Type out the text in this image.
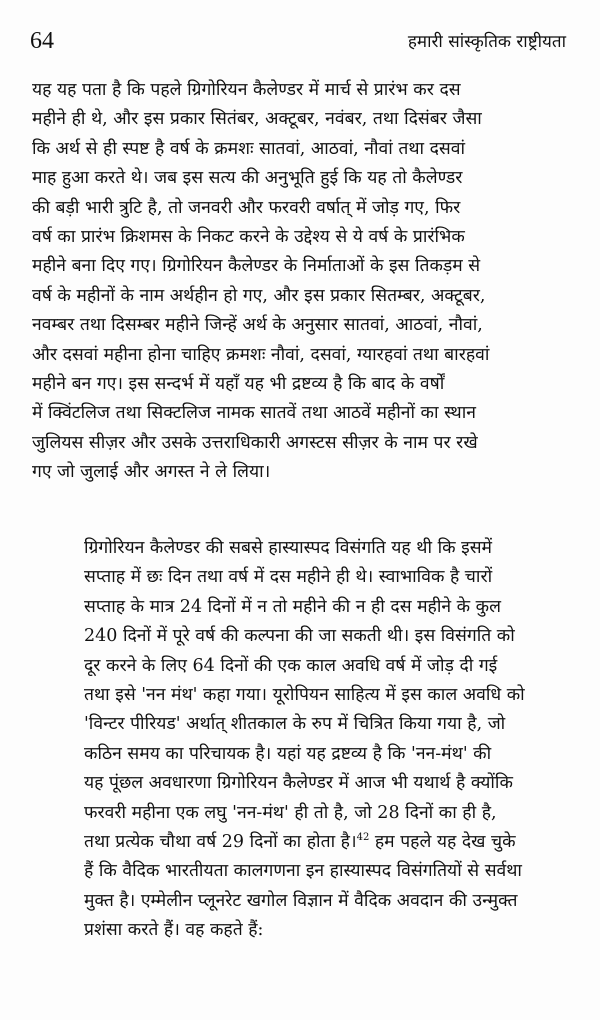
64	हमारी सांस्कृतिक राष्ट्रीयता

यह यह पता है कि पहले ग्रिगोरियन कैलेण्डर में मार्च से प्रारंभ कर दस
महीने ही थे, और इस प्रकार सितंबर, अक्टूबर, नवंबर, तथा दिसंबर जैसा
कि अर्थ से ही स्पष्ट है वर्ष के क्रमशः सातवां, आठवां, नौवां तथा दसवां
माह हुआ करते थे। जब इस सत्य की अनुभूति हुई कि यह तो कैलेण्डर
की बड़ी भारी त्रुटि है, तो जनवरी और फरवरी वर्षात् में जोड़ गए, फिर
वर्ष का प्रारंभ क्रिशमस के निकट करने के उद्देश्य से ये वर्ष के प्रारंभिक
महीने बना दिए गए। ग्रिगोरियन कैलेण्डर के निर्माताओं के इस तिकड़म से
वर्ष के महीनों के नाम अर्थहीन हो गए, और इस प्रकार सितम्बर, अक्टूबर,
नवम्बर तथा दिसम्बर महीने जिन्हें अर्थ के अनुसार सातवां, आठवां, नौवां,
और दसवां महीना होना चाहिए क्रमशः नौवां, दसवां, ग्यारहवां तथा बारहवां
महीने बन गए। इस सन्दर्भ में यहाँ यह भी द्रष्टव्य है कि बाद के वर्षों
में क्विंटलिज तथा सिक्टलिज नामक सातवें तथा आठवें महीनों का स्थान
जुलियस सीज़र और उसके उत्तराधिकारी अगस्टस सीज़र के नाम पर रखे
गए जो जुलाई और अगस्त ने ले लिया।

ग्रिगोरियन कैलेण्डर की सबसे हास्यास्पद विसंगति यह थी कि इसमें
सप्ताह में छः दिन तथा वर्ष में दस महीने ही थे। स्वाभाविक है चारों
सप्ताह के मात्र 24 दिनों में न तो महीने की न ही दस महीने के कुल
240 दिनों में पूरे वर्ष की कल्पना की जा सकती थी। इस विसंगति को
दूर करने के लिए 64 दिनों की एक काल अवधि वर्ष में जोड़ दी गई
तथा इसे 'नन मंथ' कहा गया। यूरोपियन साहित्य में इस काल अवधि को
'विन्टर पीरियड' अर्थात् शीतकाल के रुप में चित्रित किया गया है, जो
कठिन समय का परिचायक है। यहां यह द्रष्टव्य है कि 'नन-मंथ' की
यह पूंछल अवधारणा ग्रिगोरियन कैलेण्डर में आज भी यथार्थ है क्योंकि
फरवरी महीना एक लघु 'नन-मंथ' ही तो है, जो 28 दिनों का ही है,
तथा प्रत्येक चौथा वर्ष 29 दिनों का होता है।$^{42}$ हम पहले यह देख चुके
हैं कि वैदिक भारतीयता कालगणना इन हास्यास्पद विसंगतियों से सर्वथा
मुक्त है। एम्मेलीन प्लूनरेट खगोल विज्ञान में वैदिक अवदान की उन्मुक्त
प्रशंसा करते हैं। वह कहते हैं:
